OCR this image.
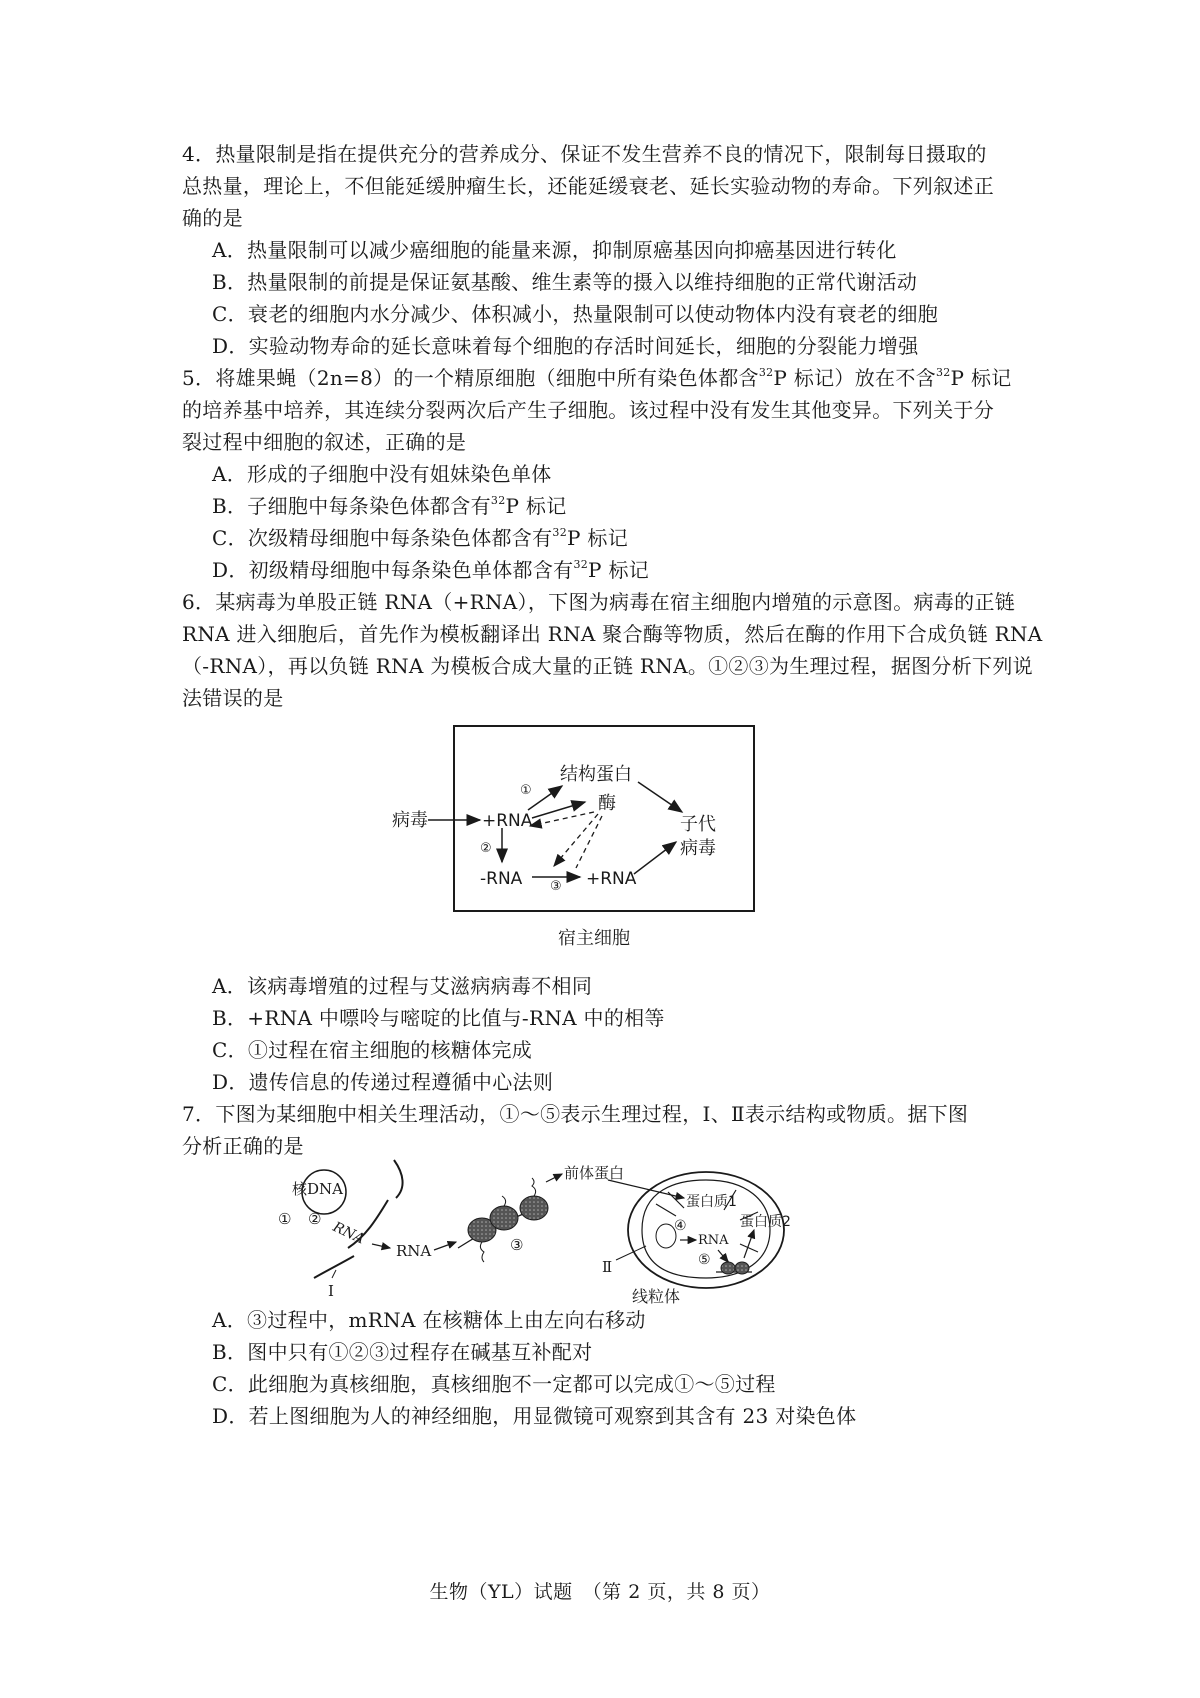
4．热量限制是指在提供充分的营养成分、保证不发生营养不良的情况下，限制每日摄取的
总热量，理论上，不但能延缓肿瘤生长，还能延缓衰老、延长实验动物的寿命。下列叙述正
确的是
A．热量限制可以减少癌细胞的能量来源，抑制原癌基因向抑癌基因进行转化
B．热量限制的前提是保证氨基酸、维生素等的摄入以维持细胞的正常代谢活动
C．衰老的细胞内水分减少、体积减小，热量限制可以使动物体内没有衰老的细胞
D．实验动物寿命的延长意味着每个细胞的存活时间延长，细胞的分裂能力增强
5．将雄果蝇（2n=8）的一个精原细胞（细胞中所有染色体都含$^{32}$P 标记）放在不含$^{32}$P 标记
的培养基中培养，其连续分裂两次后产生子细胞。该过程中没有发生其他变异。下列关于分
裂过程中细胞的叙述，正确的是
A．形成的子细胞中没有姐妹染色单体
B．子细胞中每条染色体都含有$^{32}$P 标记
C．次级精母细胞中每条染色体都含有$^{32}$P 标记
D．初级精母细胞中每条染色单体都含有$^{32}$P 标记
6．某病毒为单股正链 RNA（+RNA），下图为病毒在宿主细胞内增殖的示意图。病毒的正链
RNA 进入细胞后，首先作为模板翻译出 RNA 聚合酶等物质，然后在酶的作用下合成负链 RNA
（-RNA），再以负链 RNA 为模板合成大量的正链 RNA。①②③为生理过程，据图分析下列说
法错误的是
病毒	+RNA
结构蛋白
酶
子代
病毒
-RNA	+RNA
①
②
③
宿主细胞
A．该病毒增殖的过程与艾滋病病毒不相同
B．+RNA 中嘌呤与嘧啶的比值与-RNA 中的相等
C．①过程在宿主细胞的核糖体完成
D．遗传信息的传递过程遵循中心法则
7．下图为某细胞中相关生理活动，①～⑤表示生理过程，Ⅰ、Ⅱ表示结构或物质。据下图
分析正确的是
核DNA
① ②
RNA
Ⅰ
RNA	③
前体蛋白
蛋白质1
④
RNA
⑤
蛋白质2
Ⅱ
线粒体
A．③过程中，mRNA 在核糖体上由左向右移动
B．图中只有①②③过程存在碱基互补配对
C．此细胞为真核细胞，真核细胞不一定都可以完成①～⑤过程
D．若上图细胞为人的神经细胞，用显微镜可观察到其含有 23 对染色体
生物（YL）试题　（第 2 页，共 8 页）
